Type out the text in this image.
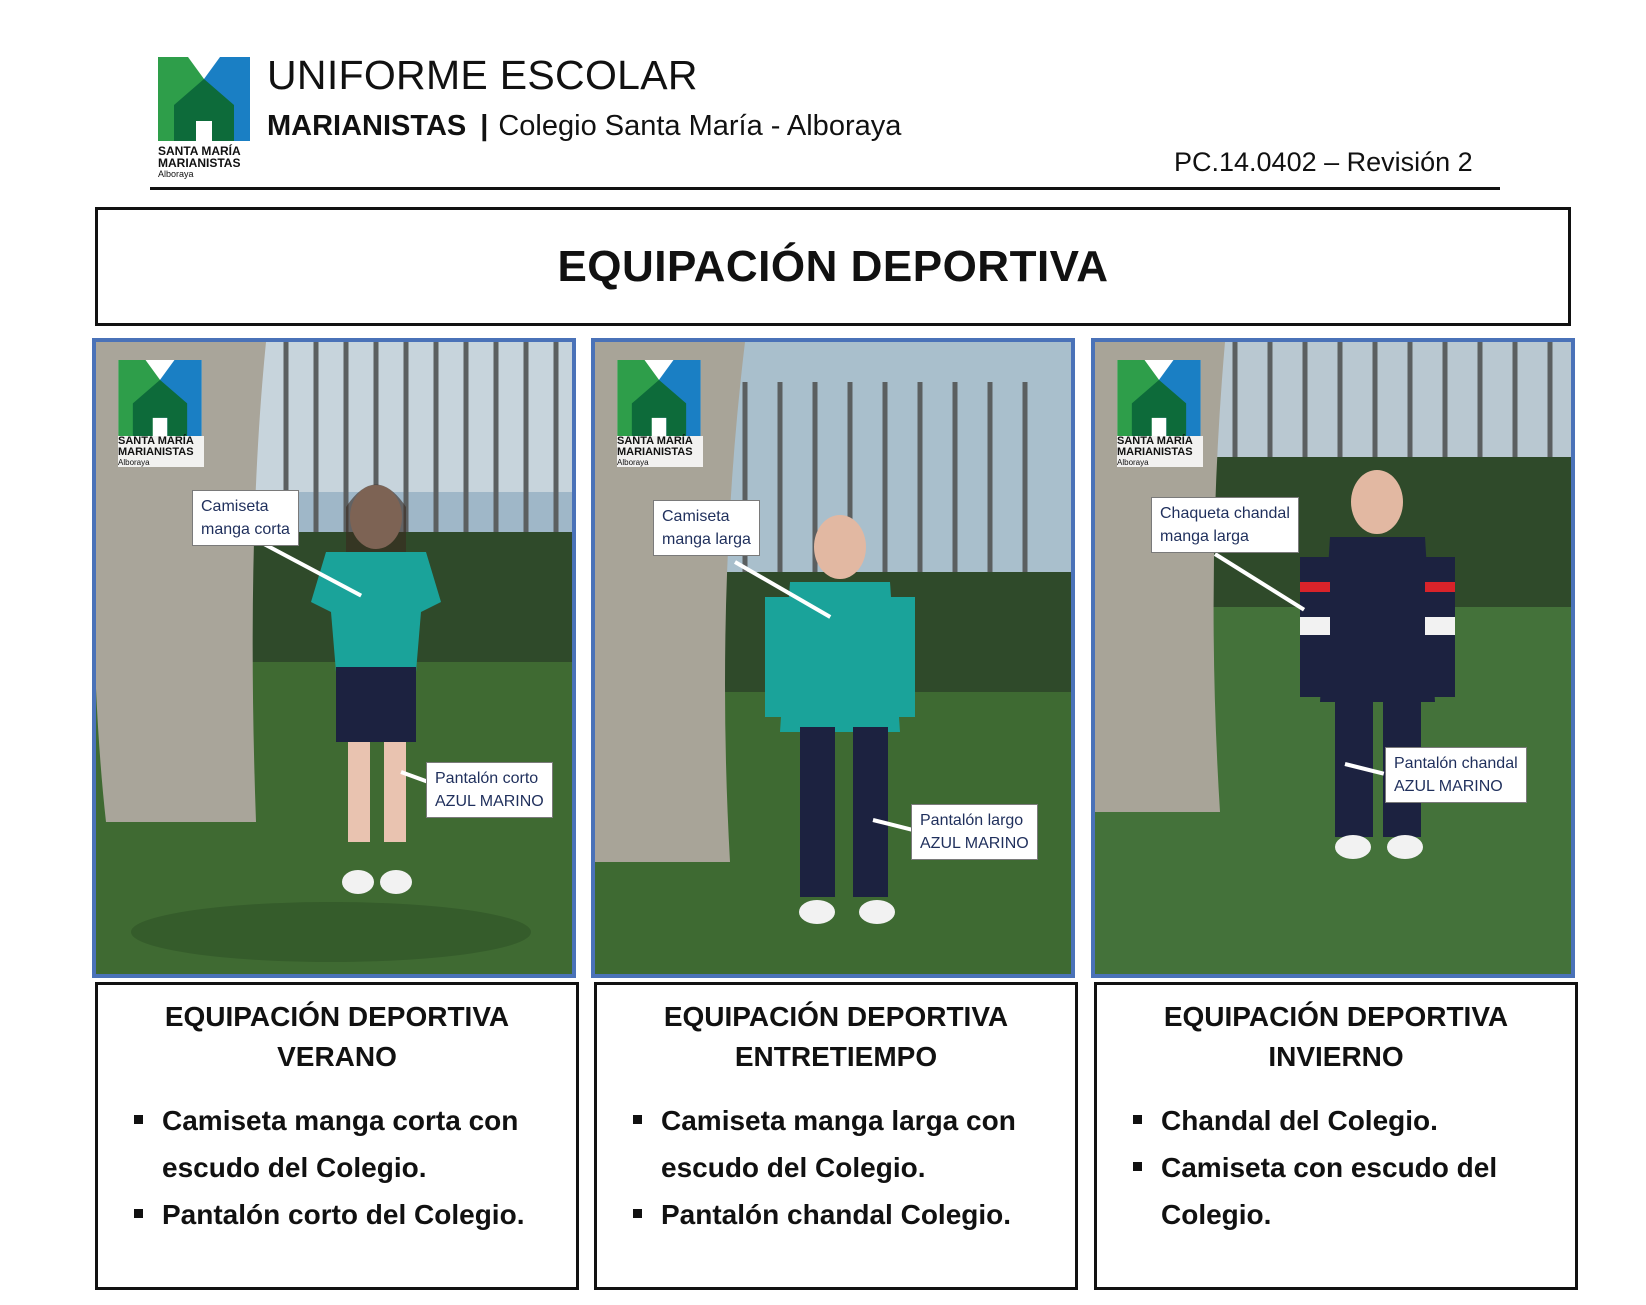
SANTA MARÍA
MARIANISTAS
Alboraya
UNIFORME ESCOLAR
MARIANISTAS | Colegio Santa María - Alboraya
PC.14.0402 – Revisión 2
EQUIPACIÓN DEPORTIVA
SANTA MARÍA
MARIANISTAS
Alboraya
Camiseta
manga corta
Pantalón corto
AZUL MARINO
SANTA MARÍA
MARIANISTAS
Alboraya
Camiseta
manga larga
Pantalón largo
AZUL MARINO
SANTA MARÍA
MARIANISTAS
Alboraya
Chaqueta chandal
manga larga
Pantalón chandal
AZUL MARINO
EQUIPACIÓN DEPORTIVA
VERANO
Camiseta manga corta con
escudo del Colegio.
Pantalón corto del Colegio.
EQUIPACIÓN DEPORTIVA
ENTRETIEMPO
Camiseta manga larga con
escudo del Colegio.
Pantalón chandal Colegio.
EQUIPACIÓN DEPORTIVA
INVIERNO
Chandal del Colegio.
Camiseta con escudo del
Colegio.
